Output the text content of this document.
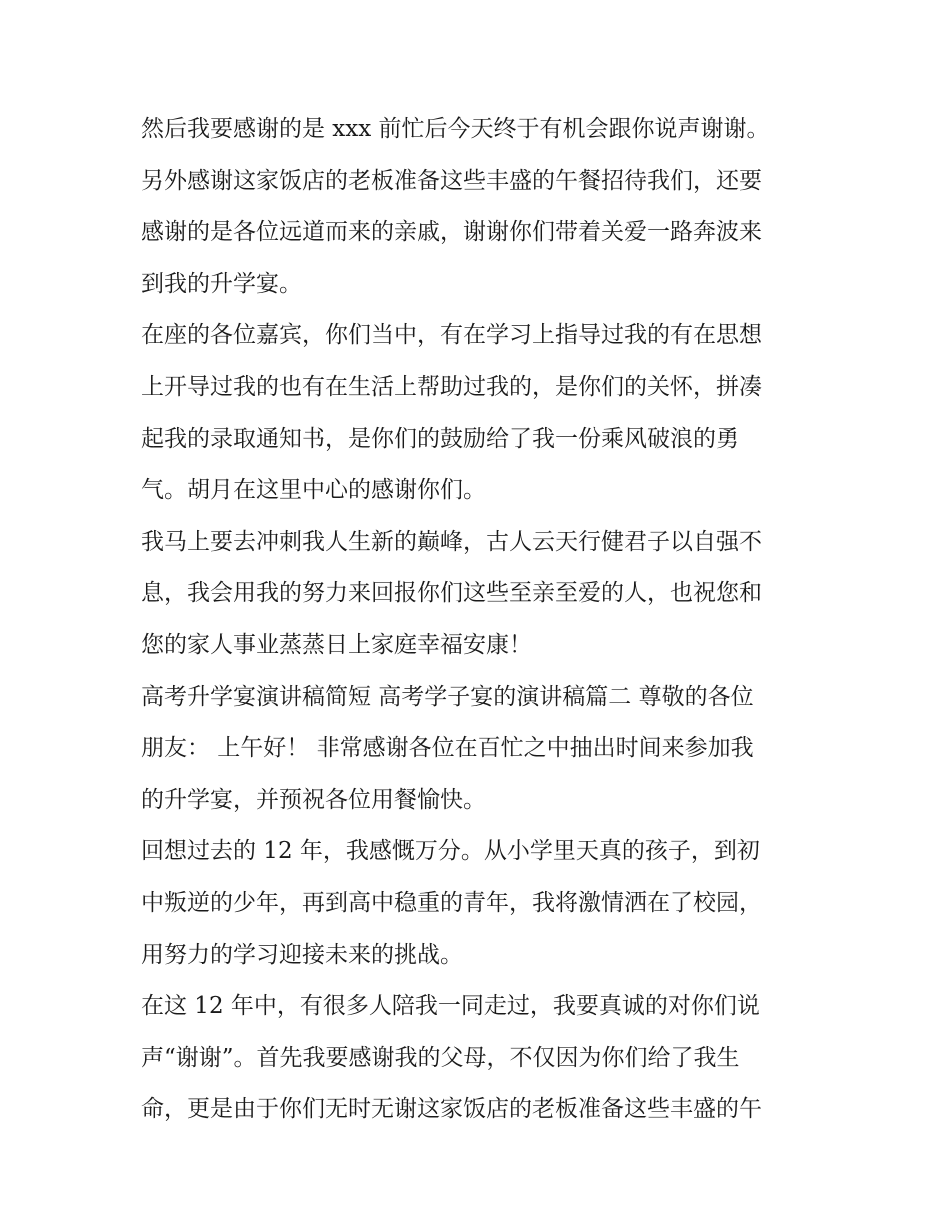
然后我要感谢的是 xxx 前忙后今天终于有机会跟你说声谢谢。
另外感谢这家饭店的老板准备这些丰盛的午餐招待我们，还要
感谢的是各位远道而来的亲戚，谢谢你们带着关爱一路奔波来
到我的升学宴。
在座的各位嘉宾，你们当中，有在学习上指导过我的有在思想
上开导过我的也有在生活上帮助过我的，是你们的关怀，拼凑
起我的录取通知书，是你们的鼓励给了我一份乘风破浪的勇
气。胡月在这里中心的感谢你们。
我马上要去冲刺我人生新的巅峰，古人云天行健君子以自强不
息，我会用我的努力来回报你们这些至亲至爱的人，也祝您和
您的家人事业蒸蒸日上家庭幸福安康！
高考升学宴演讲稿简短 高考学子宴的演讲稿篇二 尊敬的各位
朋友： 上午好！ 非常感谢各位在百忙之中抽出时间来参加我
的升学宴，并预祝各位用餐愉快。
回想过去的 12 年，我感慨万分。从小学里天真的孩子，到初
中叛逆的少年，再到高中稳重的青年，我将激情洒在了校园，
用努力的学习迎接未来的挑战。
在这 12 年中，有很多人陪我一同走过，我要真诚的对你们说
声“谢谢”。首先我要感谢我的父母，不仅因为你们给了我生
命，更是由于你们无时无谢这家饭店的老板准备这些丰盛的午
